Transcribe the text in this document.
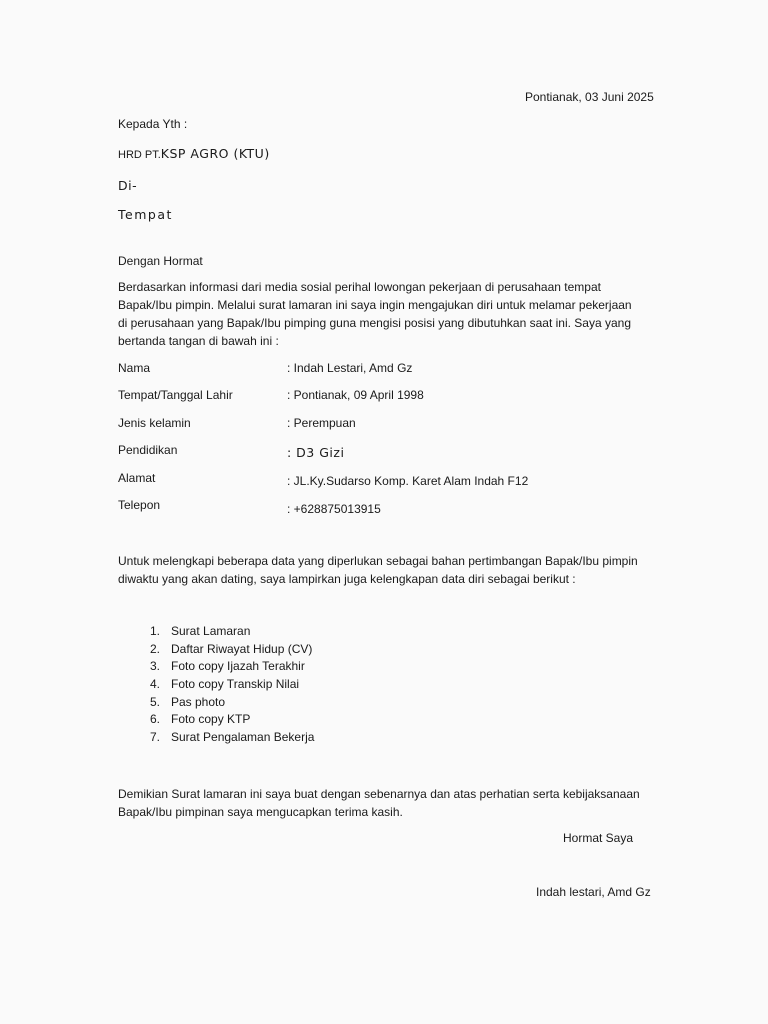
Pontianak, 03 Juni 2025
Kepada Yth :
HRD PT.KSP AGRO (KTU)
Di-
Tempat
Dengan Hormat
Berdasarkan informasi dari media sosial perihal lowongan pekerjaan di perusahaan tempat Bapak/Ibu pimpin. Melalui surat lamaran ini saya ingin mengajukan diri untuk melamar pekerjaan di perusahaan yang Bapak/Ibu pimping guna mengisi posisi yang dibutuhkan saat ini. Saya yang bertanda tangan di bawah ini :
Nama	: Indah Lestari, Amd Gz
Tempat/Tanggal Lahir	: Pontianak, 09 April 1998
Jenis kelamin	: Perempuan
Pendidikan	: D3 Gizi
Alamat	: JL.Ky.Sudarso Komp. Karet Alam Indah F12
Telepon	: +628875013915
Untuk melengkapi beberapa data yang diperlukan sebagai bahan pertimbangan Bapak/Ibu pimpin diwaktu yang akan dating, saya lampirkan juga kelengkapan data diri sebagai berikut :
1. Surat Lamaran
2. Daftar Riwayat Hidup (CV)
3. Foto copy Ijazah Terakhir
4. Foto copy Transkip Nilai
5. Pas photo
6. Foto copy KTP
7. Surat Pengalaman Bekerja
Demikian Surat lamaran ini saya buat dengan sebenarnya dan atas perhatian serta kebijaksanaan Bapak/Ibu pimpinan saya mengucapkan terima kasih.
Hormat Saya
Indah lestari, Amd Gz
